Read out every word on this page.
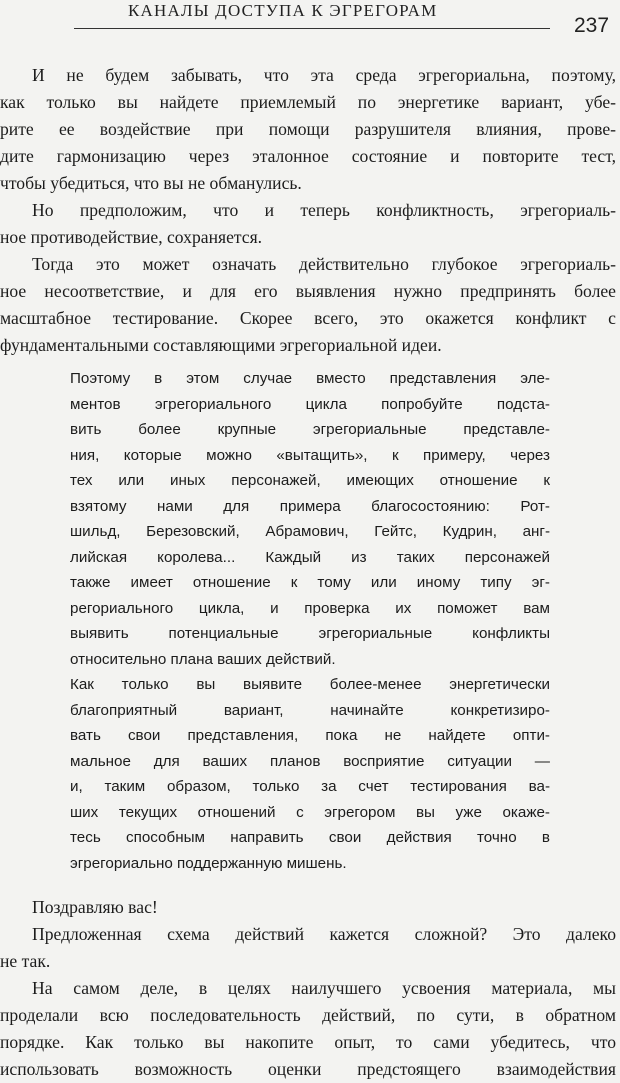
КАНАЛЫ ДОСТУПА К ЭГРЕГОРАМ
237
И не будем забывать, что эта среда эгрегориальна, поэтому,
как только вы найдете приемлемый по энергетике вариант, убе-
рите ее воздействие при помощи разрушителя влияния, прове-
дите гармонизацию через эталонное состояние и повторите тест,
чтобы убедиться, что вы не обманулись.
Но предположим, что и теперь конфликтность, эгрегориаль-
ное противодействие, сохраняется.
Тогда это может означать действительно глубокое эгрегориаль-
ное несоответствие, и для его выявления нужно предпринять более
масштабное тестирование. Скорее всего, это окажется конфликт с
фундаментальными составляющими эгрегориальной идеи.
Поэтому в этом случае вместо представления эле-
ментов эгрегориального цикла попробуйте подста-
вить более крупные эгрегориальные представле-
ния, которые можно «вытащить», к примеру, через
тех или иных персонажей, имеющих отношение к
взятому нами для примера благосостоянию: Рот-
шильд, Березовский, Абрамович, Гейтс, Кудрин, анг-
лийская королева... Каждый из таких персонажей
также имеет отношение к тому или иному типу эг-
регориального цикла, и проверка их поможет вам
выявить потенциальные эгрегориальные конфликты
относительно плана ваших действий.
Как только вы выявите более-менее энергетически
благоприятный вариант, начинайте конкретизиро-
вать свои представления, пока не найдете опти-
мальное для ваших планов восприятие ситуации —
и, таким образом, только за счет тестирования ва-
ших текущих отношений с эгрегором вы уже окаже-
тесь способным направить свои действия точно в
эгрегориально поддержанную мишень.
Поздравляю вас!
Предложенная схема действий кажется сложной? Это далеко
не так.
На самом деле, в целях наилучшего усвоения материала, мы
проделали всю последовательность действий, по сути, в обратном
порядке. Как только вы накопите опыт, то сами убедитесь, что
использовать возможность оценки предстоящего взаимодействия
